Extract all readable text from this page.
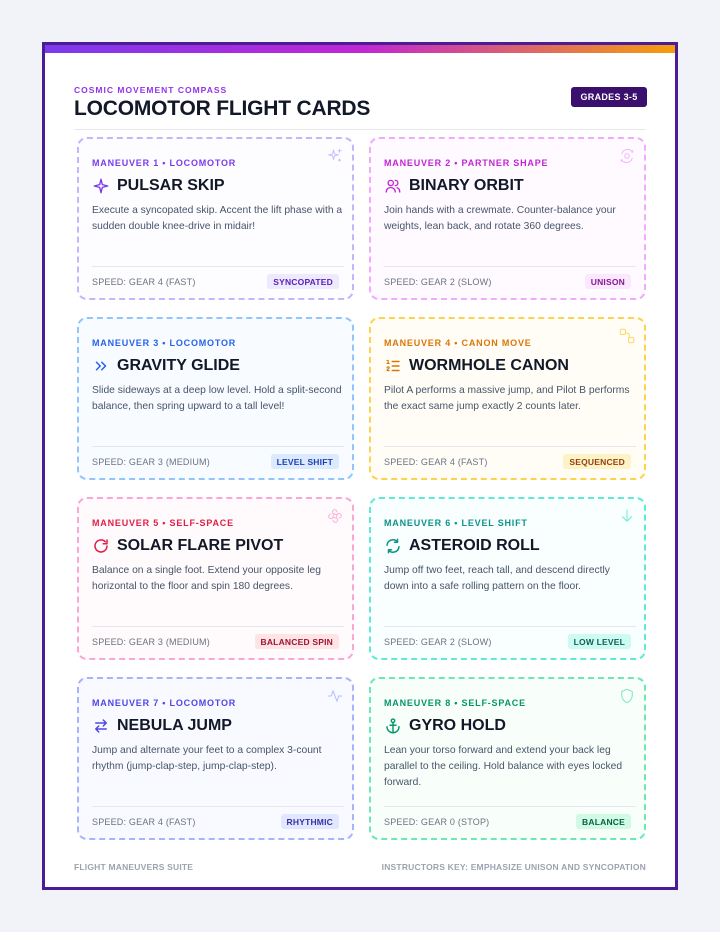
COSMIC MOVEMENT COMPASS
LOCOMOTOR FLIGHT CARDS	GRADES 3-5
MANEUVER 1 • LOCOMOTOR
PULSAR SKIP
Execute a syncopated skip. Accent the lift phase with a sudden double knee-drive in midair!
SPEED: GEAR 4 (FAST)	SYNCOPATED
MANEUVER 2 • PARTNER SHAPE
BINARY ORBIT
Join hands with a crewmate. Counter-balance your weights, lean back, and rotate 360 degrees.
SPEED: GEAR 2 (SLOW)	UNISON
MANEUVER 3 • LOCOMOTOR
GRAVITY GLIDE
Slide sideways at a deep low level. Hold a split-second balance, then spring upward to a tall level!
SPEED: GEAR 3 (MEDIUM)	LEVEL SHIFT
MANEUVER 4 • CANON MOVE
WORMHOLE CANON
Pilot A performs a massive jump, and Pilot B performs the exact same jump exactly 2 counts later.
SPEED: GEAR 4 (FAST)	SEQUENCED
MANEUVER 5 • SELF-SPACE
SOLAR FLARE PIVOT
Balance on a single foot. Extend your opposite leg horizontal to the floor and spin 180 degrees.
SPEED: GEAR 3 (MEDIUM)	BALANCED SPIN
MANEUVER 6 • LEVEL SHIFT
ASTEROID ROLL
Jump off two feet, reach tall, and descend directly down into a safe rolling pattern on the floor.
SPEED: GEAR 2 (SLOW)	LOW LEVEL
MANEUVER 7 • LOCOMOTOR
NEBULA JUMP
Jump and alternate your feet to a complex 3-count rhythm (jump-clap-step, jump-clap-step).
SPEED: GEAR 4 (FAST)	RHYTHMIC
MANEUVER 8 • SELF-SPACE
GYRO HOLD
Lean your torso forward and extend your back leg parallel to the ceiling. Hold balance with eyes locked forward.
SPEED: GEAR 0 (STOP)	BALANCE
FLIGHT MANEUVERS SUITE	INSTRUCTORS KEY: EMPHASIZE UNISON AND SYNCOPATION
